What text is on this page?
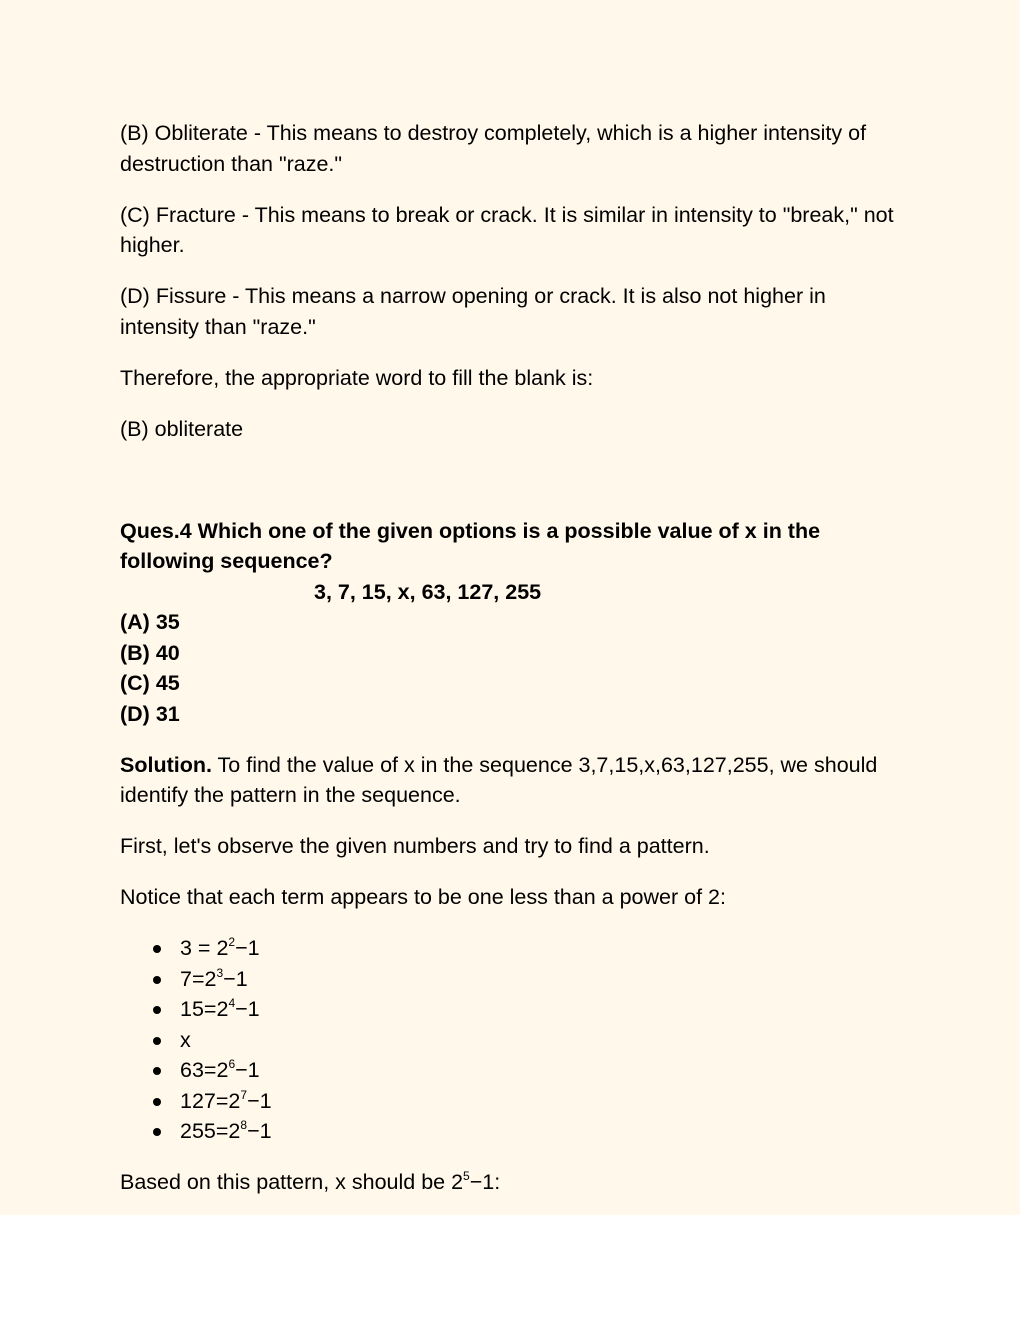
(B) Obliterate - This means to destroy completely, which is a higher intensity of destruction than "raze."

(C) Fracture - This means to break or crack. It is similar in intensity to "break," not higher.

(D) Fissure - This means a narrow opening or crack. It is also not higher in intensity than "raze."

Therefore, the appropriate word to fill the blank is:

(B) obliterate

Ques.4 Which one of the given options is a possible value of x in the following sequence?
3, 7, 15, x, 63, 127, 255
(A) 35
(B) 40
(C) 45
(D) 31

Solution. To find the value of x in the sequence 3,7,15,x,63,127,255, we should identify the pattern in the sequence.

First, let's observe the given numbers and try to find a pattern.

Notice that each term appears to be one less than a power of 2:

$3 = 2^2-1$
$7=2^3-1$
$15=2^4-1$
x
$63=2^6-1$
$127=2^7-1$
$255=2^8-1$

Based on this pattern, x should be $2^5-1$:
